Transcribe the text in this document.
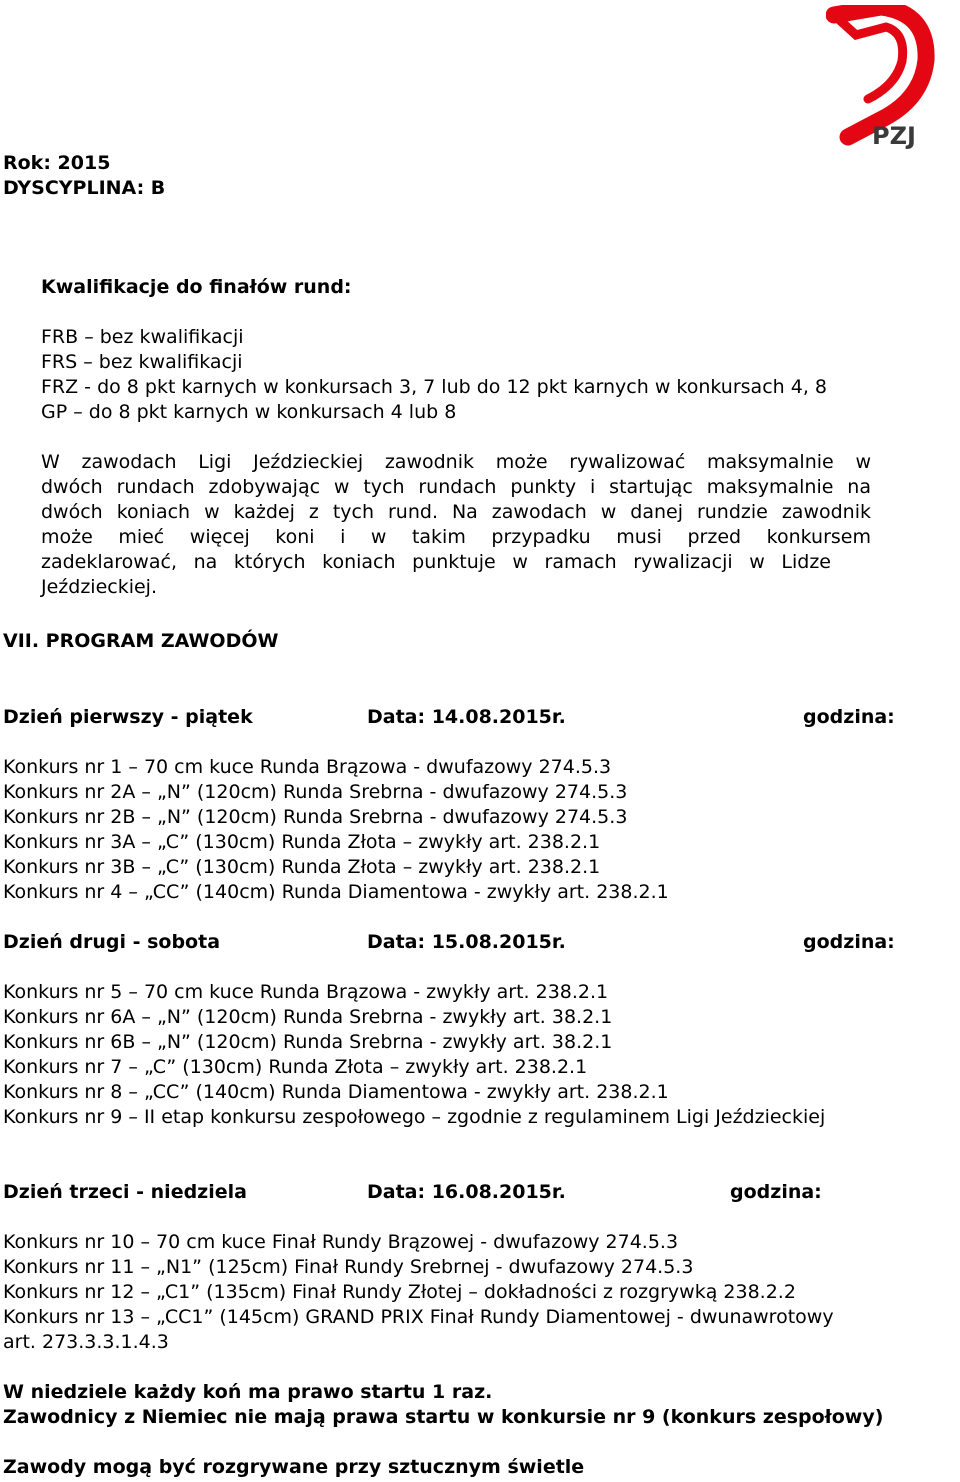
PZJ

Rok: 2015

DYSCYPLINA: B

Kwalifikacje do finałów rund:

FRB – bez kwalifikacji

FRS – bez kwalifikacji

FRZ - do 8 pkt karnych w konkursach 3, 7 lub do 12 pkt karnych w konkursach 4, 8

GP – do 8 pkt karnych w konkursach 4 lub 8

W zawodach Ligi Jeździeckiej zawodnik może rywalizować maksymalnie w

dwóch rundach zdobywając w tych rundach punkty i startując maksymalnie na

dwóch koniach w każdej z tych rund. Na zawodach w danej rundzie zawodnik

może mieć więcej koni i w takim przypadku musi przed konkursem

zadeklarować, na których koniach punktuje w ramach rywalizacji w Lidze

Jeździeckiej.

VII. PROGRAM ZAWODÓW

Dzień pierwszy - piątek	Data: 14.08.2015r.	godzina:

Konkurs nr 1 – 70 cm kuce Runda Brązowa - dwufazowy 274.5.3

Konkurs nr 2A – „N” (120cm) Runda Srebrna - dwufazowy 274.5.3

Konkurs nr 2B – „N” (120cm) Runda Srebrna - dwufazowy 274.5.3

Konkurs nr 3A – „C” (130cm) Runda Złota – zwykły art. 238.2.1

Konkurs nr 3B – „C” (130cm) Runda Złota – zwykły art. 238.2.1

Konkurs nr 4 – „CC” (140cm) Runda Diamentowa - zwykły art. 238.2.1

Dzień drugi - sobota	Data: 15.08.2015r.	godzina:

Konkurs nr 5 – 70 cm kuce Runda Brązowa - zwykły art. 238.2.1

Konkurs nr 6A – „N” (120cm) Runda Srebrna - zwykły art. 38.2.1

Konkurs nr 6B – „N” (120cm) Runda Srebrna - zwykły art. 38.2.1

Konkurs nr 7 – „C” (130cm) Runda Złota – zwykły art. 238.2.1

Konkurs nr 8 – „CC” (140cm) Runda Diamentowa - zwykły art. 238.2.1

Konkurs nr 9 – II etap konkursu zespołowego – zgodnie z regulaminem Ligi Jeździeckiej

Dzień trzeci - niedziela	Data: 16.08.2015r.	godzina:

Konkurs nr 10 – 70 cm kuce Finał Rundy Brązowej - dwufazowy 274.5.3

Konkurs nr 11 – „N1” (125cm) Finał Rundy Srebrnej - dwufazowy 274.5.3

Konkurs nr 12 – „C1” (135cm) Finał Rundy Złotej – dokładności z rozgrywką 238.2.2

Konkurs nr 13 – „CC1” (145cm) GRAND PRIX Finał Rundy Diamentowej - dwunawrotowy

art. 273.3.3.1.4.3

W niedziele każdy koń ma prawo startu 1 raz.

Zawodnicy z Niemiec nie mają prawa startu w konkursie nr 9 (konkurs zespołowy)

Zawody mogą być rozgrywane przy sztucznym świetle
